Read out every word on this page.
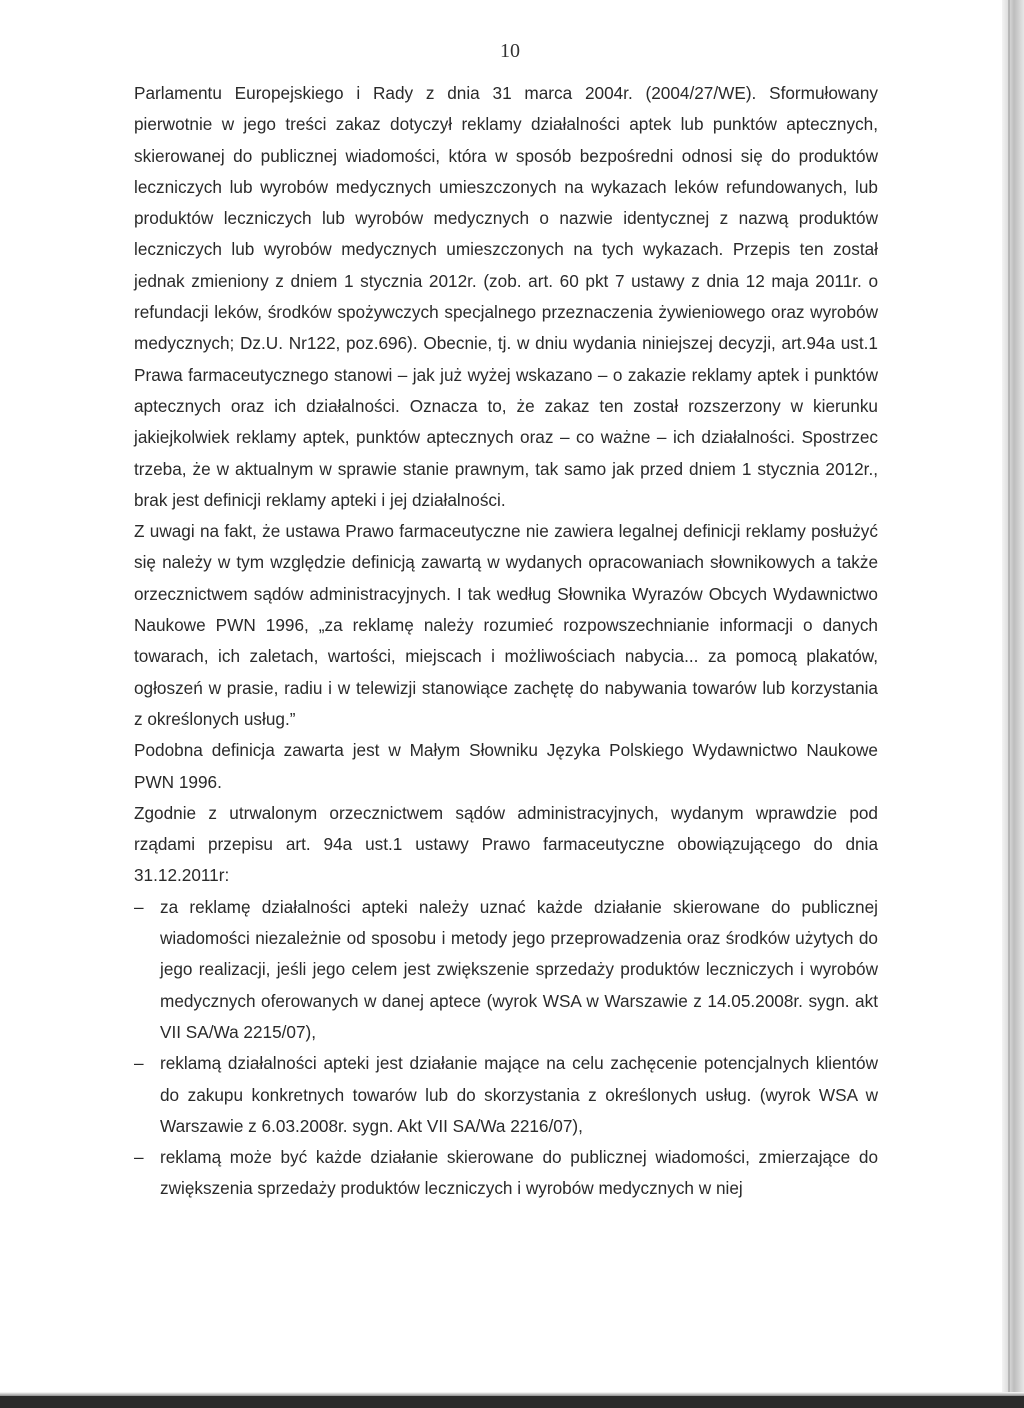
10

Parlamentu Europejskiego i Rady z dnia 31 marca 2004r. (2004/27/WE). Sformułowany pierwotnie w jego treści zakaz dotyczył reklamy działalności aptek lub punktów aptecznych, skierowanej do publicznej wiadomości, która w sposób bezpośredni odnosi się do produktów leczniczych lub wyrobów medycznych umieszczonych na wykazach leków refundowanych, lub produktów leczniczych lub wyrobów medycznych o nazwie identycznej z nazwą produktów leczniczych lub wyrobów medycznych umieszczonych na tych wykazach. Przepis ten został jednak zmieniony z dniem 1 stycznia 2012r. (zob. art. 60 pkt 7 ustawy z dnia 12 maja 2011r. o refundacji leków, środków spożywczych specjalnego przeznaczenia żywieniowego oraz wyrobów medycznych; Dz.U. Nr122, poz.696). Obecnie, tj. w dniu wydania niniejszej decyzji, art.94a ust.1 Prawa farmaceutycznego stanowi – jak już wyżej wskazano – o zakazie reklamy aptek i punktów aptecznych oraz ich działalności. Oznacza to, że zakaz ten został rozszerzony w kierunku jakiejkolwiek reklamy aptek, punktów aptecznych oraz – co ważne – ich działalności. Spostrzec trzeba, że w aktualnym w sprawie stanie prawnym, tak samo jak przed dniem 1 stycznia 2012r., brak jest definicji reklamy apteki i jej działalności.

Z uwagi na fakt, że ustawa Prawo farmaceutyczne nie zawiera legalnej definicji reklamy posłużyć się należy w tym względzie definicją zawartą w wydanych opracowaniach słownikowych a także orzecznictwem sądów administracyjnych. I tak według Słownika Wyrazów Obcych Wydawnictwo Naukowe PWN 1996, „za reklamę należy rozumieć rozpowszechnianie informacji o danych towarach, ich zaletach, wartości, miejscach i możliwościach nabycia... za pomocą plakatów, ogłoszeń w prasie, radiu i w telewizji stanowiące zachętę do nabywania towarów lub korzystania z określonych usług.”

Podobna definicja zawarta jest w Małym Słowniku Języka Polskiego Wydawnictwo Naukowe PWN 1996.

Zgodnie z utrwalonym orzecznictwem sądów administracyjnych, wydanym wprawdzie pod rządami przepisu art. 94a ust.1 ustawy Prawo farmaceutyczne obowiązującego do dnia 31.12.2011r:

– za reklamę działalności apteki należy uznać każde działanie skierowane do publicznej wiadomości niezależnie od sposobu i metody jego przeprowadzenia oraz środków użytych do jego realizacji, jeśli jego celem jest zwiększenie sprzedaży produktów leczniczych i wyrobów medycznych oferowanych w danej aptece (wyrok WSA w Warszawie z 14.05.2008r. sygn. akt VII SA/Wa 2215/07),
– reklamą działalności apteki jest działanie mające na celu zachęcenie potencjalnych klientów do zakupu konkretnych towarów lub do skorzystania z określonych usług. (wyrok WSA w Warszawie z 6.03.2008r. sygn. Akt VII SA/Wa 2216/07),
– reklamą może być każde działanie skierowane do publicznej wiadomości, zmierzające do zwiększenia sprzedaży produktów leczniczych i wyrobów medycznych w niej
